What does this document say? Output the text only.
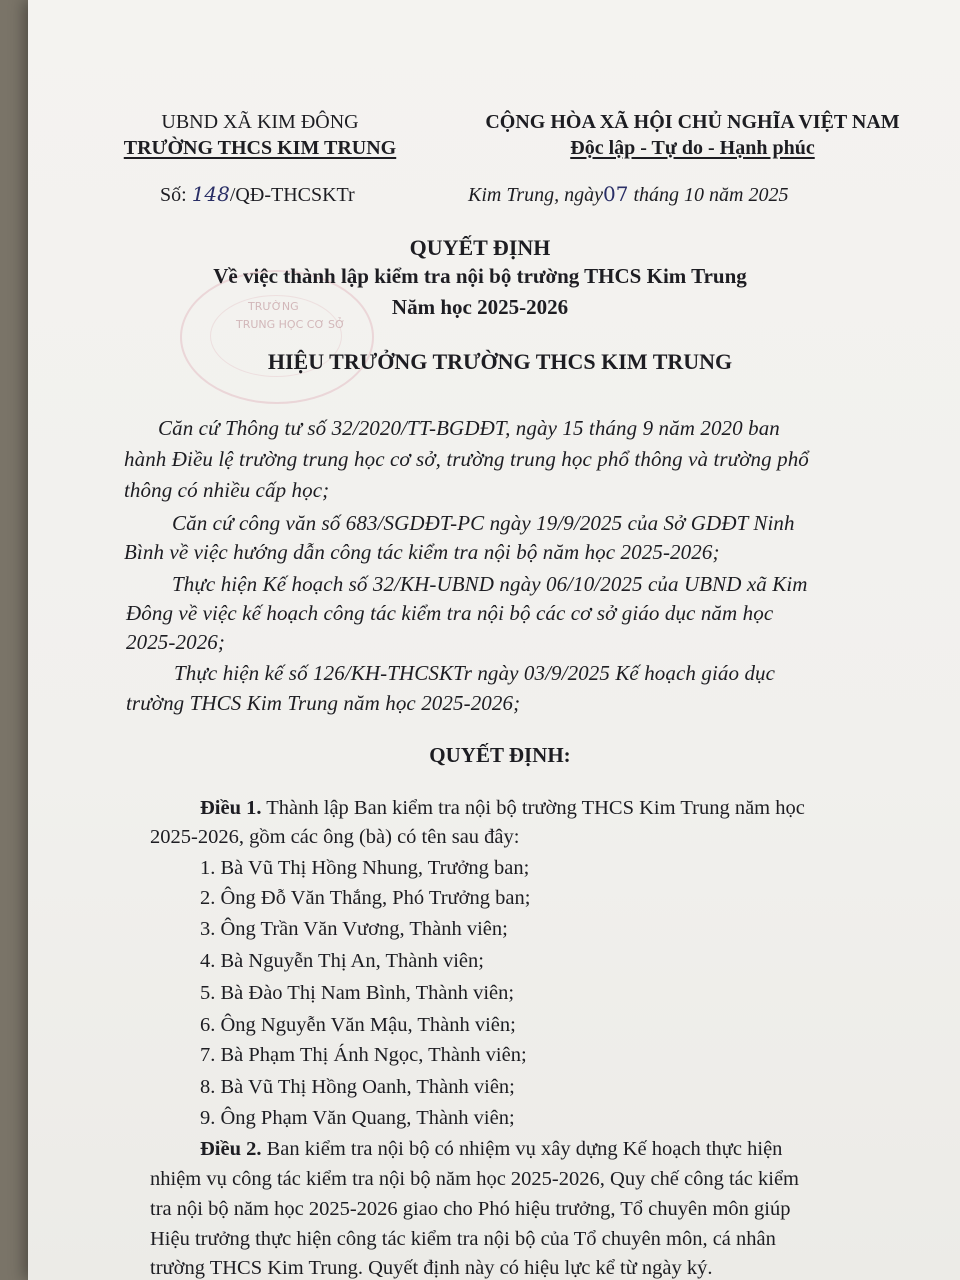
TRƯỜNG
TRUNG HỌC CƠ SỞ
UBND XÃ KIM ĐÔNG
TRƯỜNG THCS KIM TRUNG
Số: 148/QĐ-THCSKTr
CỘNG HÒA XÃ HỘI CHỦ NGHĨA VIỆT NAM
Độc lập - Tự do - Hạnh phúc
Kim Trung, ngày07 tháng 10 năm 2025
QUYẾT ĐỊNH
Về việc thành lập kiểm tra nội bộ trường THCS Kim Trung
Năm học 2025-2026
HIỆU TRƯỞNG TRƯỜNG THCS KIM TRUNG
Căn cứ Thông tư số 32/2020/TT-BGDĐT, ngày 15 tháng 9 năm 2020 ban
hành Điều lệ trường trung học cơ sở, trường trung học phổ thông và trường phổ
thông có nhiều cấp học;
Căn cứ công văn số 683/SGDĐT-PC ngày 19/9/2025 của Sở GDĐT Ninh
Bình về việc hướng dẫn công tác kiểm tra nội bộ năm học 2025-2026;
Thực hiện Kế hoạch số 32/KH-UBND ngày 06/10/2025 của UBND xã Kim
Đông về việc kế hoạch công tác kiểm tra nội bộ các cơ sở giáo dục năm học
2025-2026;
Thực hiện kế số 126/KH-THCSKTr ngày 03/9/2025 Kế hoạch giáo dục
trường THCS Kim Trung năm học 2025-2026;
QUYẾT ĐỊNH:
Điều 1. Thành lập Ban kiểm tra nội bộ trường THCS Kim Trung năm học
2025-2026, gồm các ông (bà) có tên sau đây:
1. Bà Vũ Thị Hồng Nhung, Trưởng ban;
2. Ông Đỗ Văn Thắng, Phó Trưởng ban;
3. Ông Trần Văn Vương, Thành viên;
4. Bà Nguyễn Thị An, Thành viên;
5. Bà Đào Thị Nam Bình, Thành viên;
6. Ông Nguyễn Văn Mậu, Thành viên;
7. Bà Phạm Thị Ánh Ngọc, Thành viên;
8. Bà Vũ Thị Hồng Oanh, Thành viên;
9. Ông Phạm Văn Quang, Thành viên;
Điều 2. Ban kiểm tra nội bộ có nhiệm vụ xây dựng Kế hoạch thực hiện
nhiệm vụ công tác kiểm tra nội bộ năm học 2025-2026, Quy chế công tác kiểm
tra nội bộ năm học 2025-2026 giao cho Phó hiệu trưởng, Tổ chuyên môn giúp
Hiệu trưởng thực hiện công tác kiểm tra nội bộ của Tổ chuyên môn, cá nhân
trường THCS Kim Trung. Quyết định này có hiệu lực kể từ ngày ký.
